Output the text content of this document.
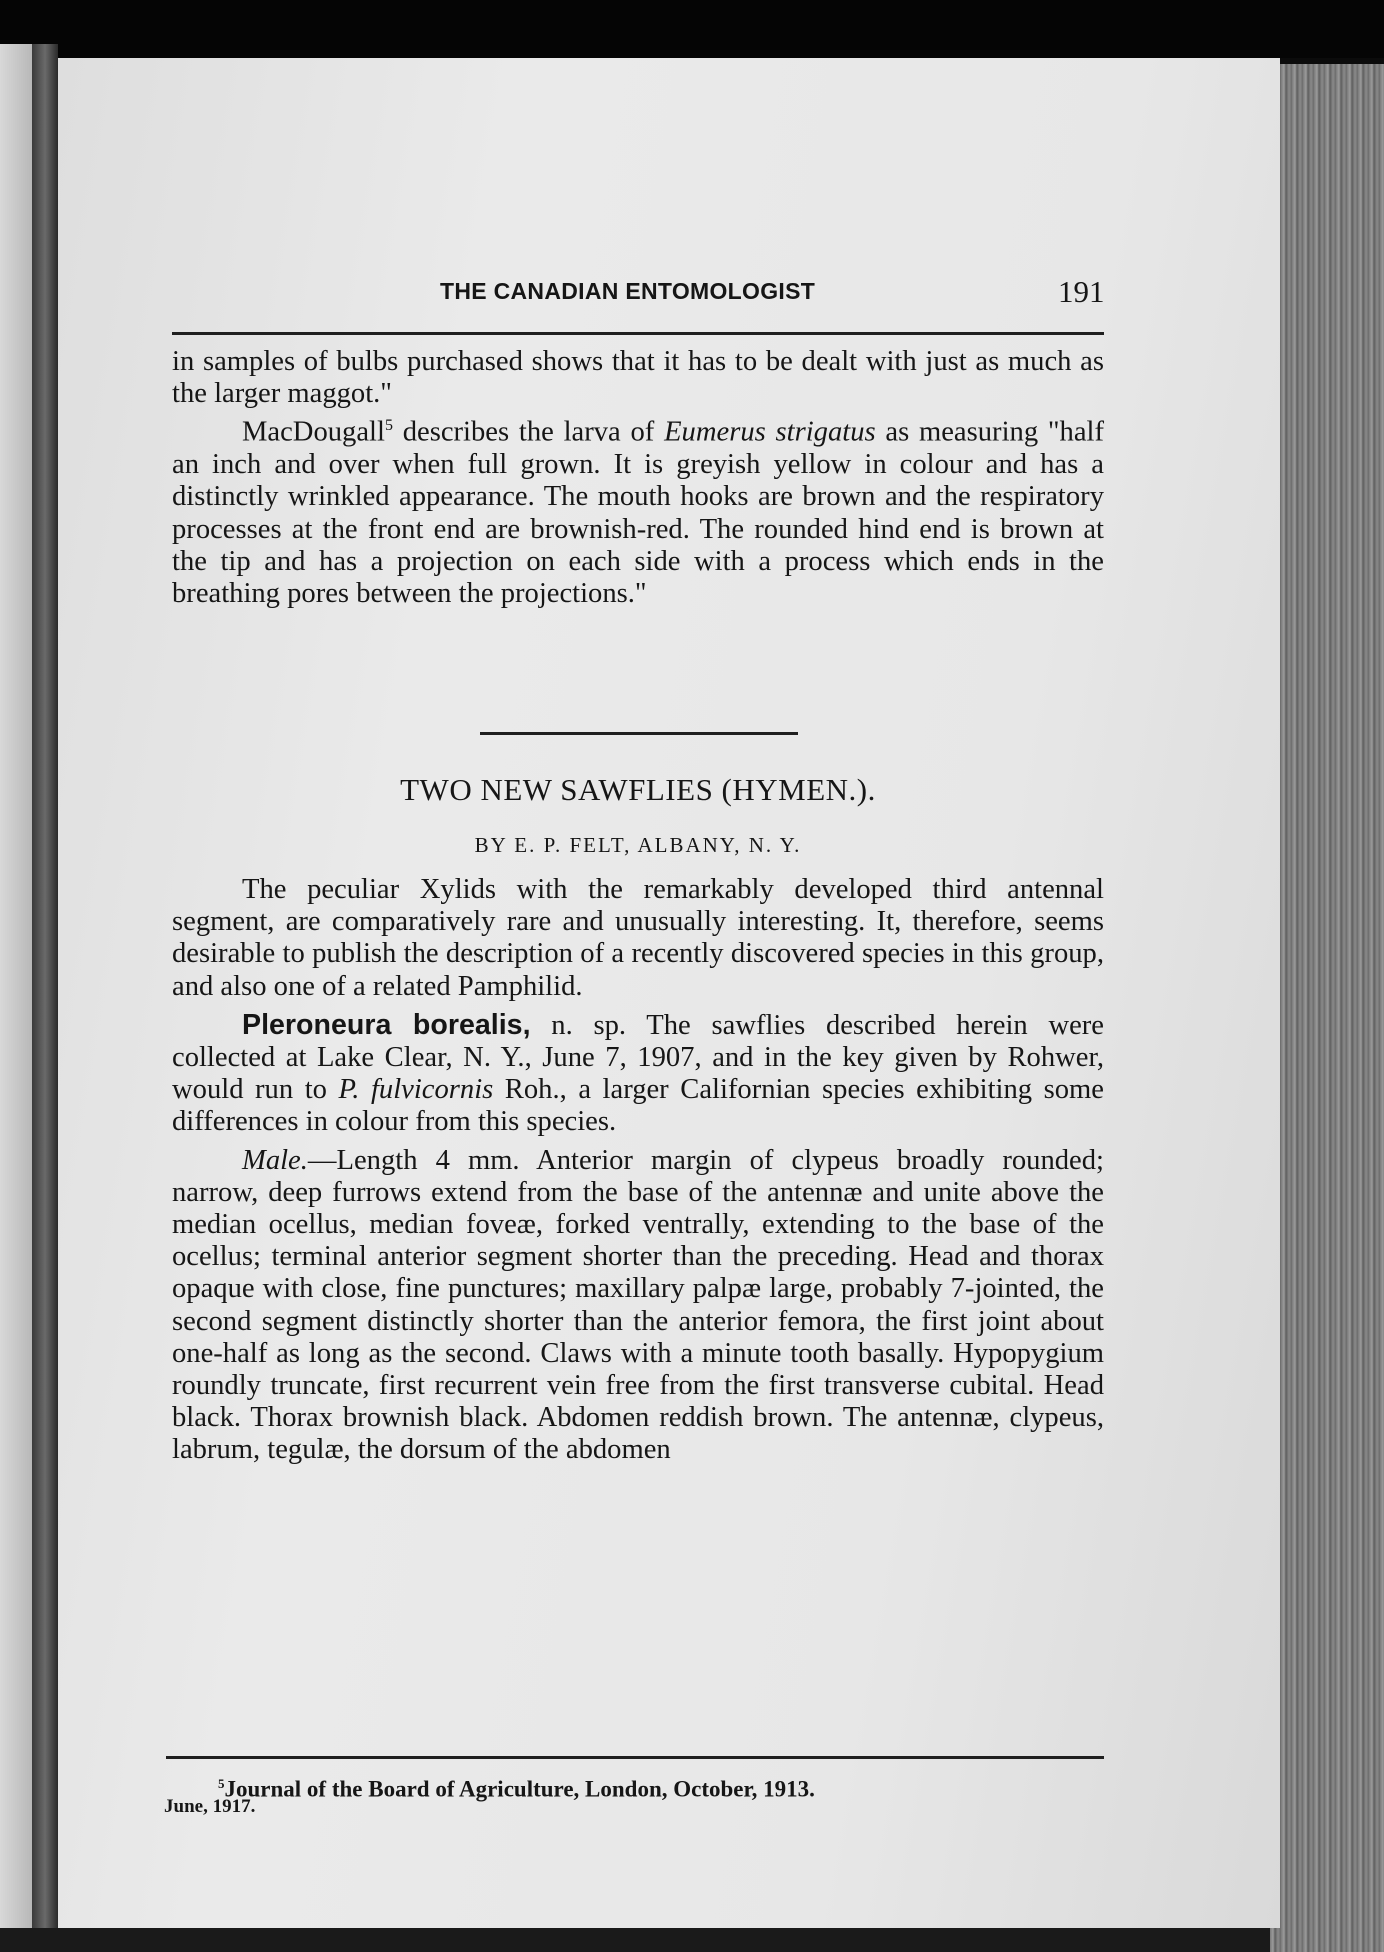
THE CANADIAN ENTOMOLOGIST	191

in samples of bulbs purchased shows that it has to be dealt with just as much as the larger maggot."

MacDougall$^5$ describes the larva of Eumerus strigatus as measuring "half an inch and over when full grown. It is greyish yellow in colour and has a distinctly wrinkled appearance. The mouth hooks are brown and the respiratory processes at the front end are brownish-red. The rounded hind end is brown at the tip and has a projection on each side with a process which ends in the breathing pores between the projections."

TWO NEW SAWFLIES (HYMEN.).
BY E. P. FELT, ALBANY, N. Y.

The peculiar Xylids with the remarkably developed third antennal segment, are comparatively rare and unusually interesting. It, therefore, seems desirable to publish the description of a recently discovered species in this group, and also one of a related Pamphilid.

Pleroneura borealis, n. sp. The sawflies described herein were collected at Lake Clear, N. Y., June 7, 1907, and in the key given by Rohwer, would run to P. fulvicornis Roh., a larger Californian species exhibiting some differences in colour from this species.

Male.—Length 4 mm. Anterior margin of clypeus broadly rounded; narrow, deep furrows extend from the base of the antennæ and unite above the median ocellus, median foveæ, forked ventrally, extending to the base of the ocellus; terminal anterior segment shorter than the preceding. Head and thorax opaque with close, fine punctures; maxillary palpæ large, probably 7-jointed, the second segment distinctly shorter than the anterior femora, the first joint about one-half as long as the second. Claws with a minute tooth basally. Hypopygium roundly truncate, first recurrent vein free from the first transverse cubital. Head black. Thorax brownish black. Abdomen reddish brown. The antennæ, clypeus, labrum, tegulæ, the dorsum of the abdomen

$^5$Journal of the Board of Agriculture, London, October, 1913.
June, 1917.
